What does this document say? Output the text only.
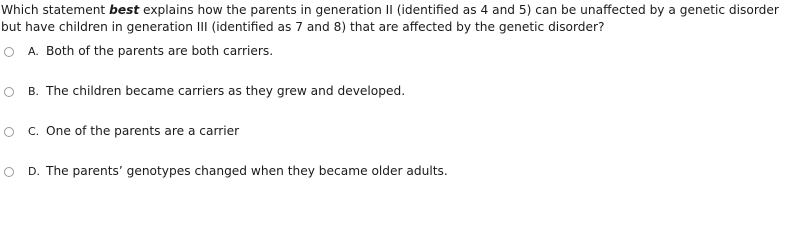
Which statement best explains how the parents in generation II (identified as 4 and 5) can be unaffected by a genetic disorder but have children in generation III (identified as 7 and 8) that are affected by the genetic disorder?
A. Both of the parents are both carriers.
B. The children became carriers as they grew and developed.
C. One of the parents are a carrier
D. The parents’ genotypes changed when they became older adults.
